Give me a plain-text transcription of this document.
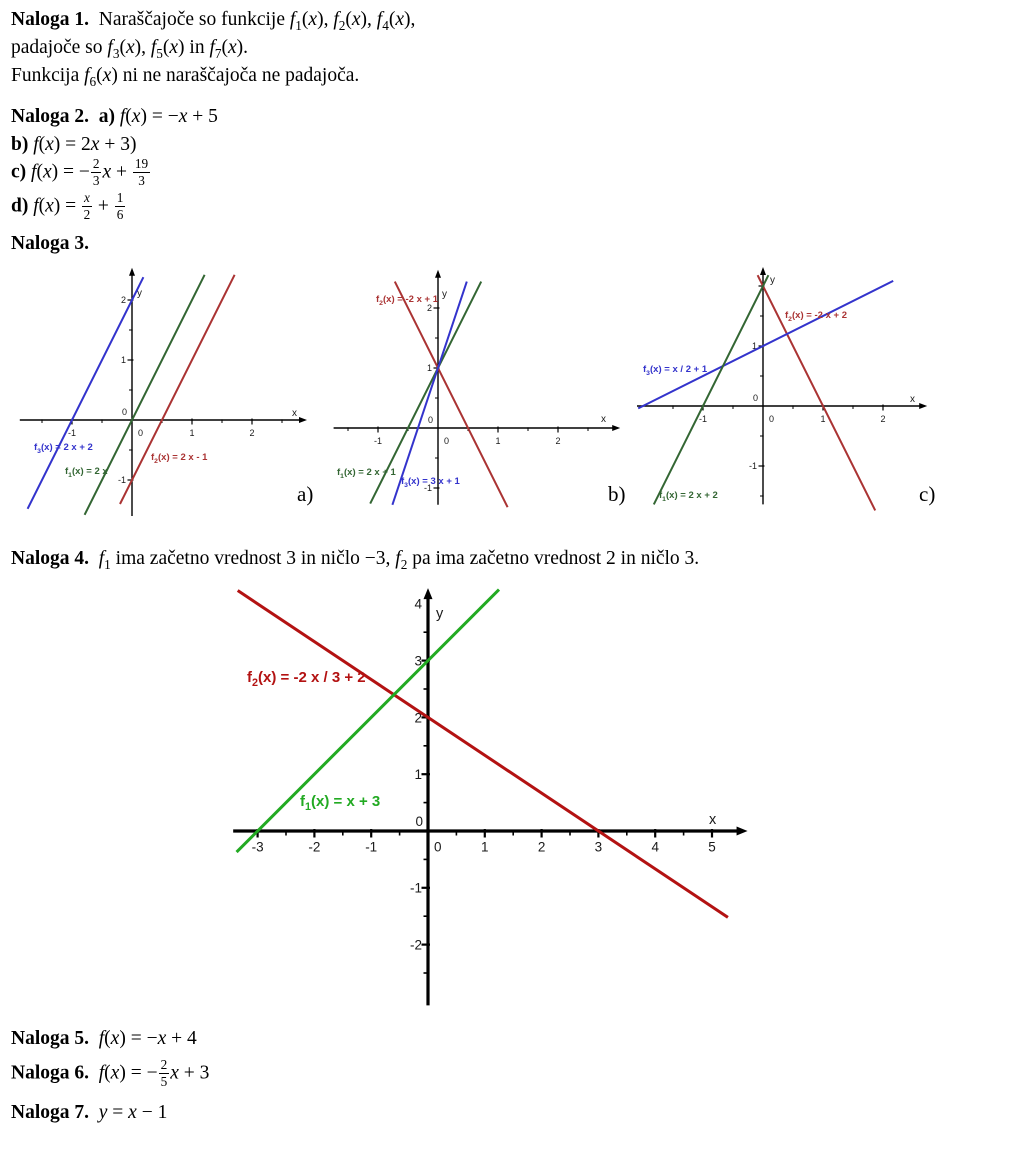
Naloga 1.  Naraščajoče so funkcije $f_1(x)$, $f_2(x)$, $f_4(x)$,
padajoče so $f_3(x)$, $f_5(x)$ in $f_7(x)$.
Funkcija $f_6(x)$ ni ne naraščajoča ne padajoča.
Naloga 2.  a) f(x) = −x + 5
b) f(x) = 2x + 3)
c) f(x) = − $\frac{2}{3}$ $x + \frac{19}{3}$
d) $f(x) = \frac{x}{2} + \frac{1}{6}$
Naloga 3.
Naloga 4. $f_1$ ima začetno vrednost 3 in ničlo −3, $f_2$ pa ima začetno vrednost 2 in ničlo 3.
Naloga 5. f(x) = −x + 4
Naloga 6. f(x) = − $\frac{2}{5}$ x + 3
Naloga 7. y = x − 1
a)	b)	c)
-1	1	2
-1
1
2
0
0
x
y
$f_3(x) = 2$ x + 2
$f_1(x) = 2$ x
$f_2(x) = 2$ x - 1
-1	1	2
-1
1
2
0
0
x
y
$f_2(x) = -2$ x + 1
$f_1(x) = 2$ x + 1
$f_3(x) = 3$ x + 1
-1	1	2
-1
1
0
0
x
y
$f_2(x) = -2$ x + 2
$f_3(x) = x / 2 + 1$
$f_1(x) = 2$ x + 2
-3	-2	-1	1	2	3	4	5
-2
-1
1
2
3
4
0
0
x
y
$f_2(x) = -2$ x / 3 + 2
$f_1(x) = x + 3$
